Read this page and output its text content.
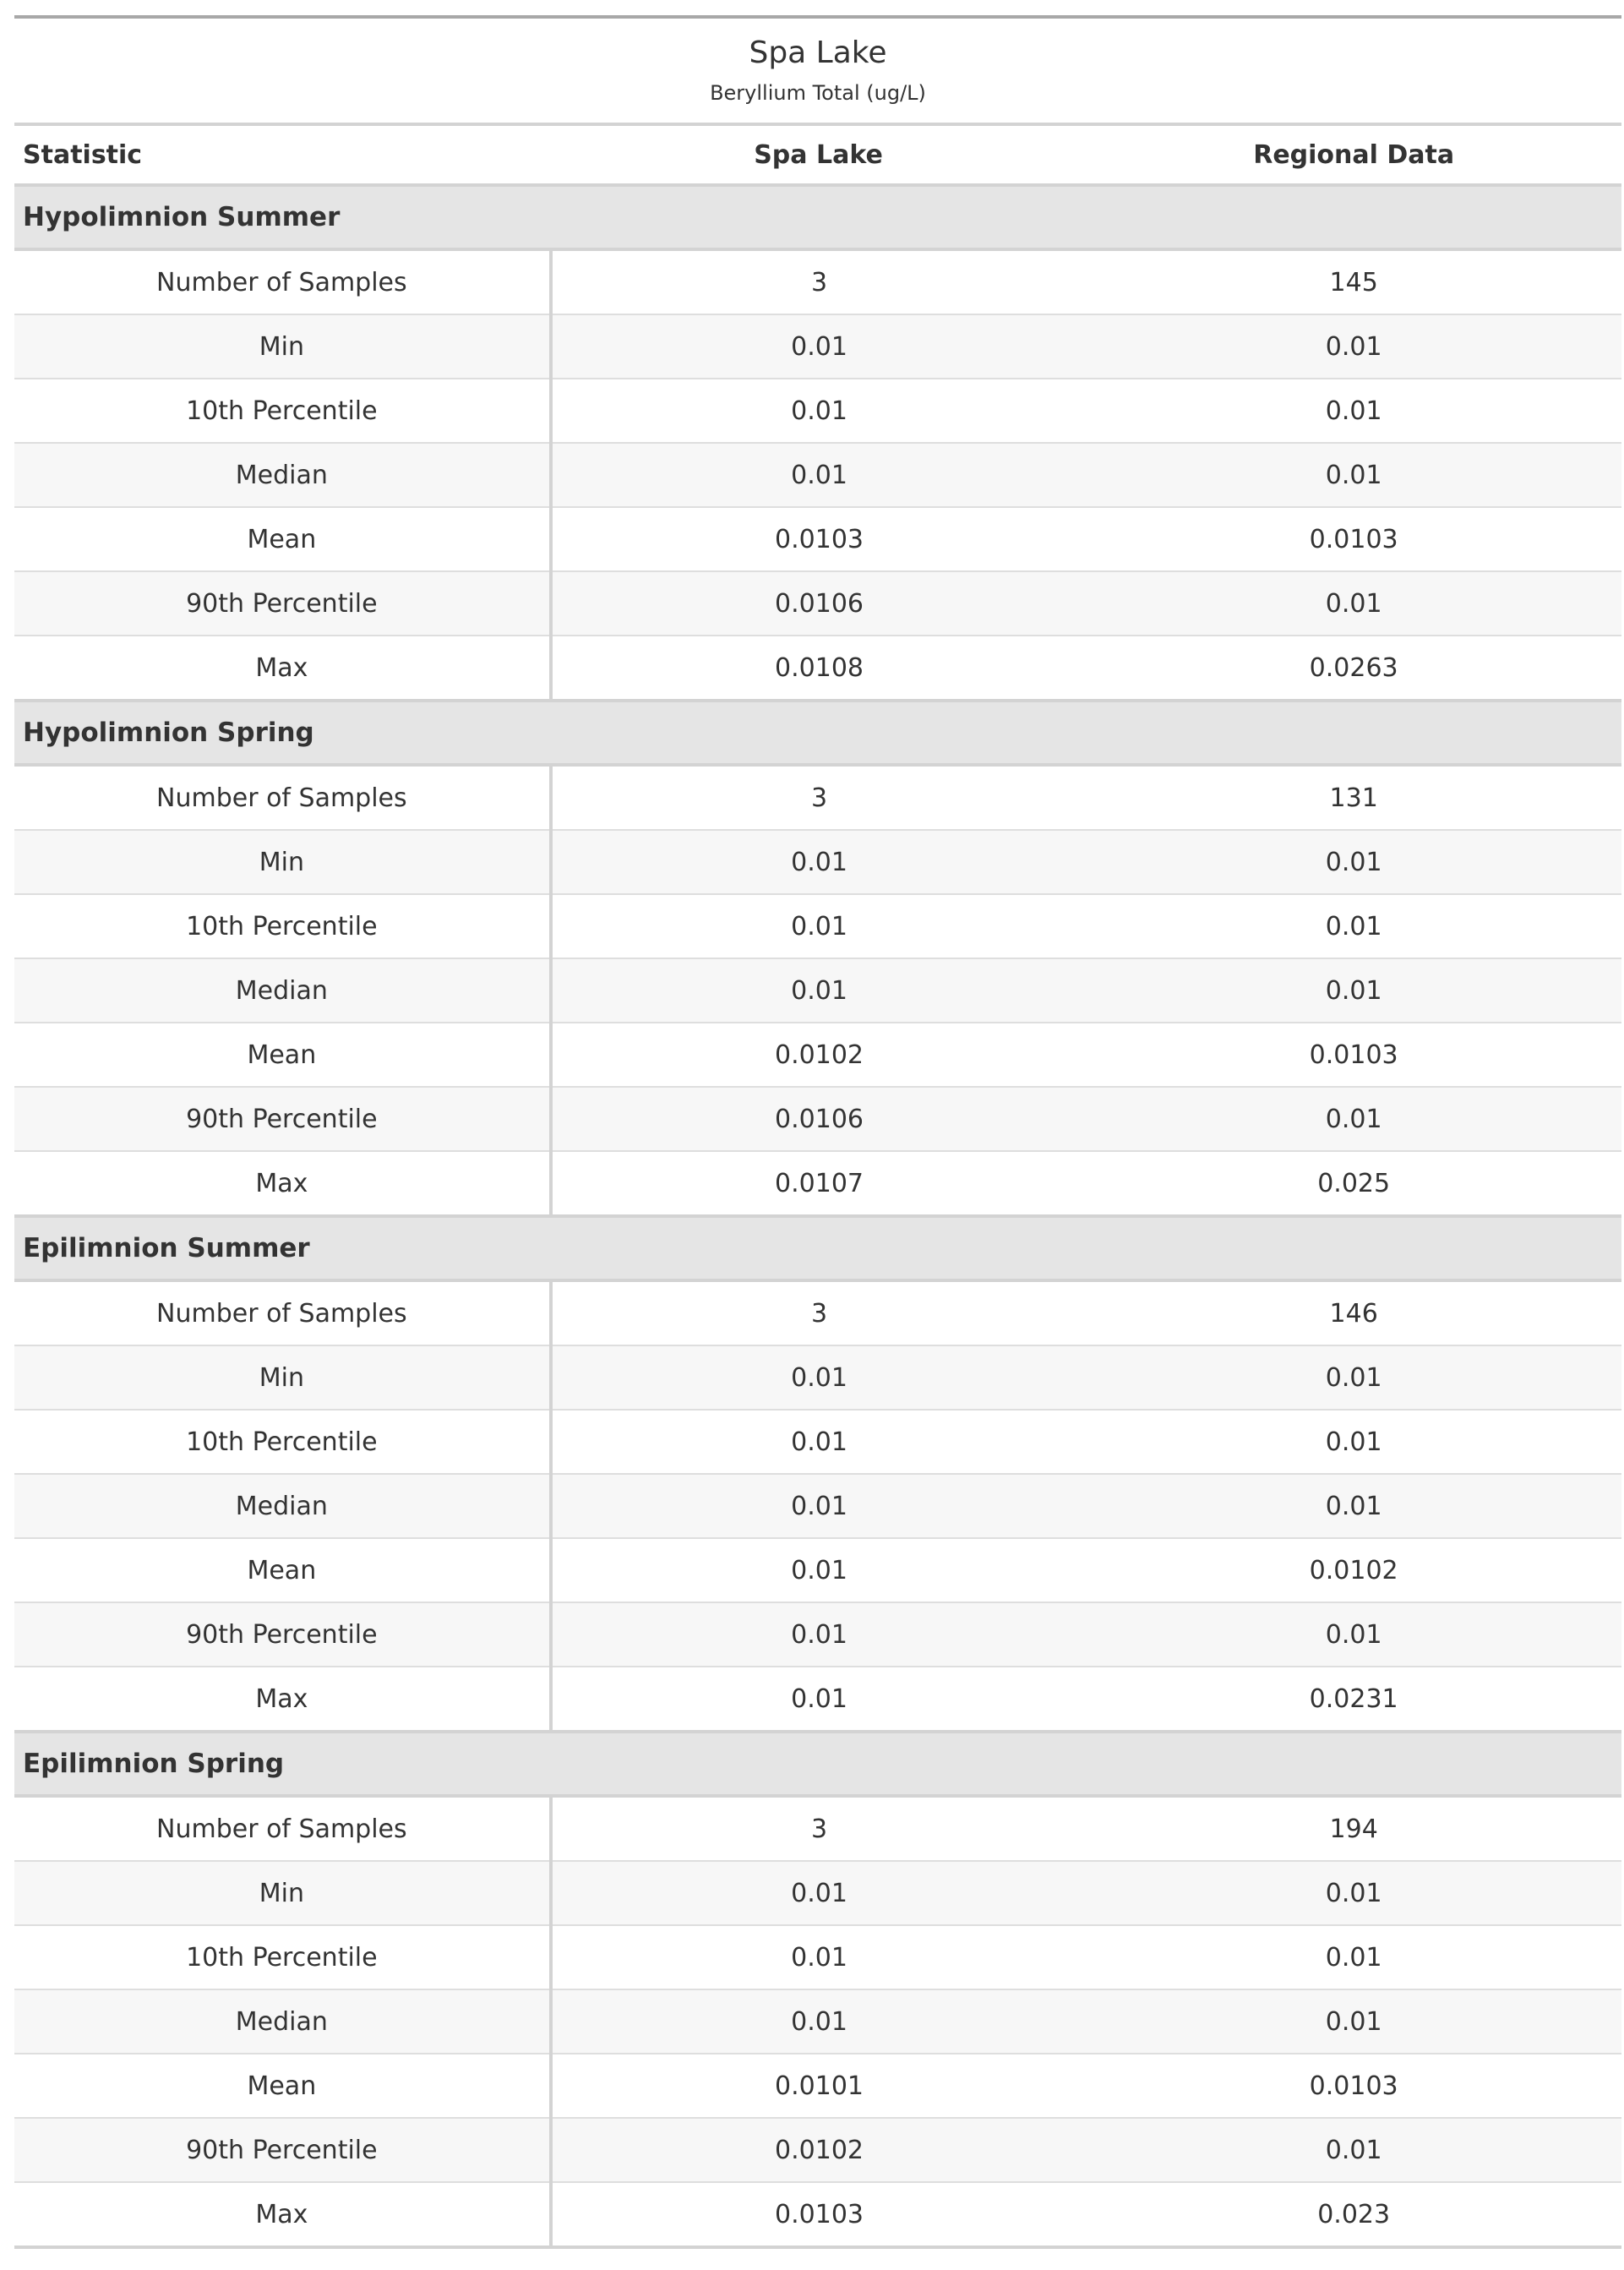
Spa Lake
Beryllium Total (ug/L)		

Statistic	Spa Lake	Regional Data
Hypolimnion Summer		
Number of Samples	3	145
Min	0.01	0.01
10th Percentile	0.01	0.01
Median	0.01	0.01
Mean	0.0103	0.0103
90th Percentile	0.0106	0.01
Max	0.0108	0.0263
Hypolimnion Spring		
Number of Samples	3	131
Min	0.01	0.01
10th Percentile	0.01	0.01
Median	0.01	0.01
Mean	0.0102	0.0103
90th Percentile	0.0106	0.01
Max	0.0107	0.025
Epilimnion Summer		
Number of Samples	3	146
Min	0.01	0.01
10th Percentile	0.01	0.01
Median	0.01	0.01
Mean	0.01	0.0102
90th Percentile	0.01	0.01
Max	0.01	0.0231
Epilimnion Spring		
Number of Samples	3	194
Min	0.01	0.01
10th Percentile	0.01	0.01
Median	0.01	0.01
Mean	0.0101	0.0103
90th Percentile	0.0102	0.01
Max	0.0103	0.023
